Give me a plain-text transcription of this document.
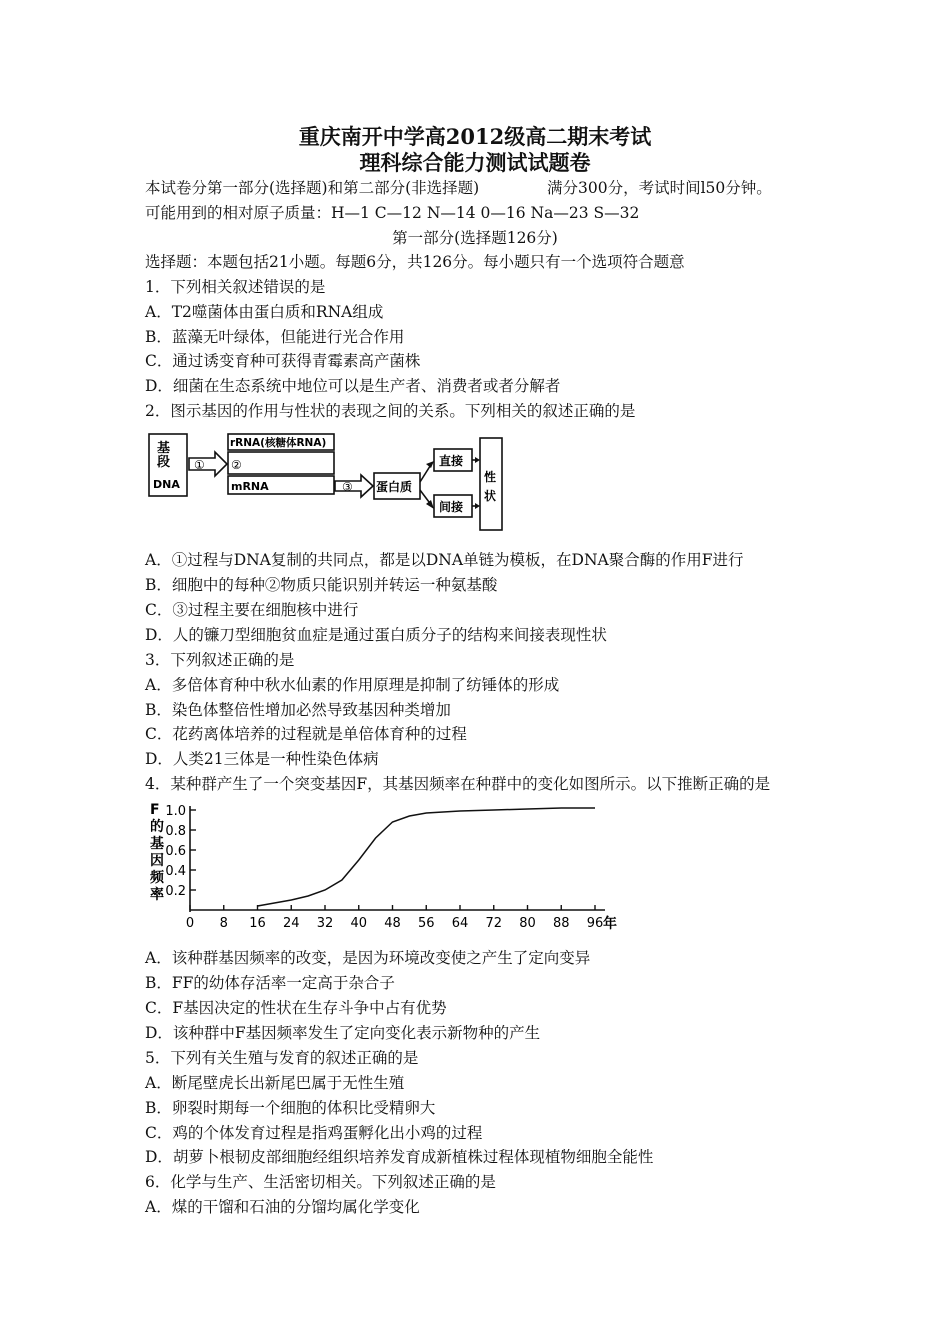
重庆南开中学高2012级高二期末考试
理科综合能力测试试题卷
本试卷分第一部分(选择题)和第二部分(非选择题)	满分300分，考试时间l50分钟。
可能用到的相对原子质量：H—1 C—12 N—14 0—16 Na—23 S—32
第一部分(选择题126分)
选择题：本题包括21小题。每题6分，共126分。每小题只有一个选项符合题意
1．下列相关叙述错误的是
A．T2噬菌体由蛋白质和RNA组成
B．蓝藻无叶绿体，但能进行光合作用
C．通过诱变育种可获得青霉素高产菌株
D．细菌在生态系统中地位可以是生产者、消费者或者分解者
2．图示基因的作用与性状的表现之间的关系。下列相关的叙述正确的是
基
段
DNA
①
rRNA(核糖体RNA)
②
mRNA	③ 蛋白质
直接
间接
性
状
A．①过程与DNA复制的共同点，都是以DNA单链为模板，在DNA聚合酶的作用F进行
B．细胞中的每种②物质只能识别并转运一种氨基酸
C．③过程主要在细胞核中进行
D．人的镰刀型细胞贫血症是通过蛋白质分子的结构来间接表现性状
3．下列叙述正确的是
A．多倍体育种中秋水仙素的作用原理是抑制了纺锤体的形成
B．染色体整倍性增加必然导致基因种类增加
C．花药离体培养的过程就是单倍体育种的过程
D．人类21三体是一种性染色体病
4．某种群产生了一个突变基因F，其基因频率在种群中的变化如图所示。以下推断正确的是
F
的
基
因
频
率
1.0
0.8
0.6
0.4
0.2
0 8 16 24 32 40 48 56 64 72 80 88 96 年
A．该种群基因频率的改变，是因为环境改变使之产生了定向变异
B．FF的幼体存活率一定高于杂合子
C．F基因决定的性状在生存斗争中占有优势
D．该种群中F基因频率发生了定向变化表示新物种的产生
5．下列有关生殖与发育的叙述正确的是
A．断尾壁虎长出新尾巴属于无性生殖
B．卵裂时期每一个细胞的体积比受精卵大
C．鸡的个体发育过程是指鸡蛋孵化出小鸡的过程
D．胡萝卜根韧皮部细胞经组织培养发育成新植株过程体现植物细胞全能性
6．化学与生产、生活密切相关。下列叙述正确的是
A．煤的干馏和石油的分馏均属化学变化
